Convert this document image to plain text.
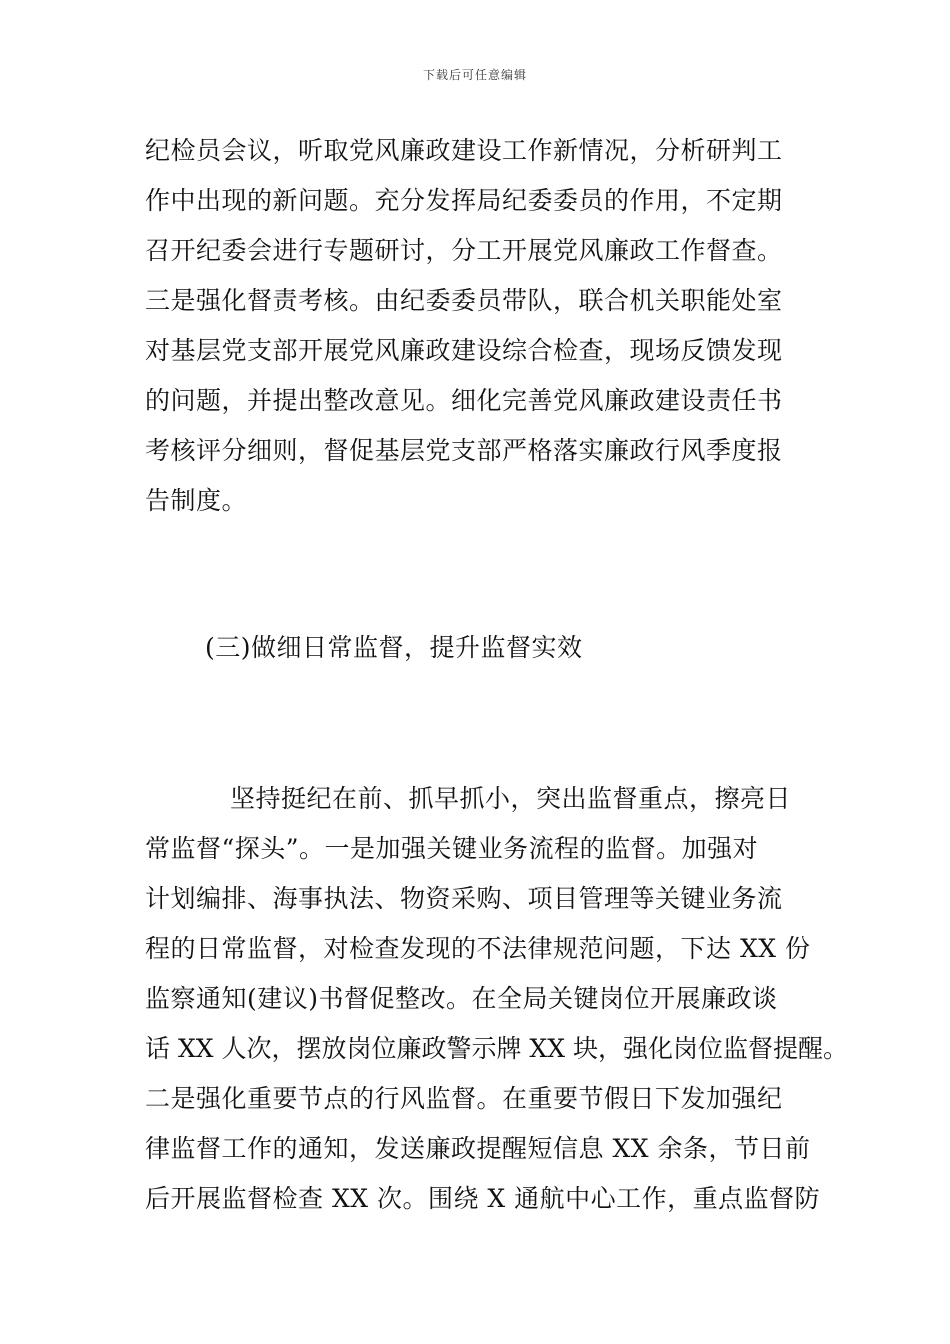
下载后可任意编辑
纪检员会议，听取党风廉政建设工作新情况，分析研判工
作中出现的新问题。充分发挥局纪委委员的作用，不定期
召开纪委会进行专题研讨，分工开展党风廉政工作督查。
三是强化督责考核。由纪委委员带队，联合机关职能处室
对基层党支部开展党风廉政建设综合检查，现场反馈发现
的问题，并提出整改意见。细化完善党风廉政建设责任书
考核评分细则，督促基层党支部严格落实廉政行风季度报
告制度。
(三)做细日常监督，提升监督实效
坚持挺纪在前、抓早抓小，突出监督重点，擦亮日
常监督“探头”。一是加强关键业务流程的监督。加强对
计划编排、海事执法、物资采购、项目管理等关键业务流
程的日常监督，对检查发现的不法律规范问题，下达 XX 份
监察通知(建议)书督促整改。在全局关键岗位开展廉政谈
话 XX 人次，摆放岗位廉政警示牌 XX 块，强化岗位监督提醒。
二是强化重要节点的行风监督。在重要节假日下发加强纪
律监督工作的通知，发送廉政提醒短信息 XX 余条，节日前
后开展监督检查 XX 次。围绕 X 通航中心工作，重点监督防
